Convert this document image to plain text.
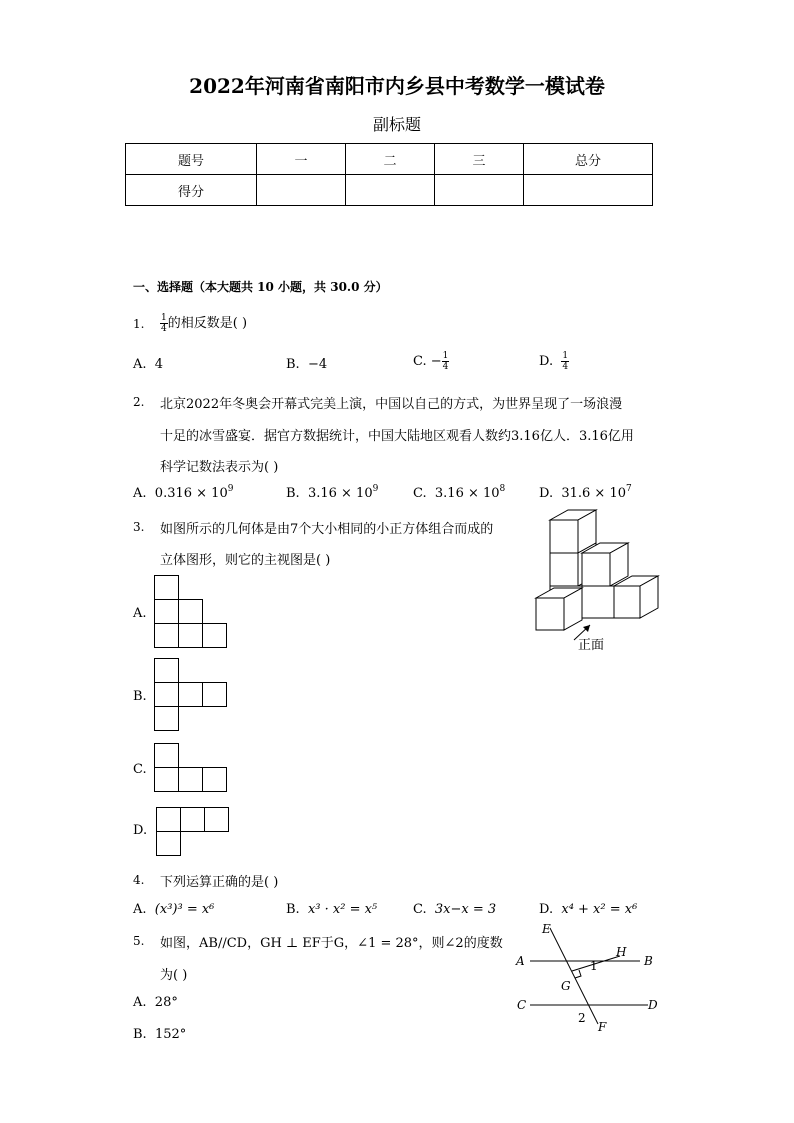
2022年河南省南阳市内乡县中考数学一模试卷
副标题
题号	一	二	三	总分
得分				
一、选择题（本大题共 10 小题，共 30.0 分）
1. $\frac{1}{4}$ 的相反数是( )
A. 4	B. −4	C. − $\frac{1}{4}$	D. $\frac{1}{4}$
2. 北京2022年冬奥会开幕式完美上演，中国以自己的方式，为世界呈现了一场浪漫
十足的冰雪盛宴．据官方数据统计，中国大陆地区观看人数约3.16亿人．3.16亿用
科学记数法表示为( )
A. $0.316 \times 10^9$	B. $3.16 \times 10^9$	C. $3.16 \times 10^8$	D. $31.6 \times 10^7$
3. 如图所示的几何体是由7个大小相同的小正方体组合而成的
立体图形，则它的主视图是( )
正面
A.
B.
C.
D.
4. 下列运算正确的是( )
A. (x³)³ = x⁶	B. x³ · x² = x⁵	C. 3x−x = 3	D. x⁴ + x² = x⁶
5. 如图，AB//CD，GH ⊥ EF于G，∠1 = 28°，则∠2的度数
为( )
A. 28°
B. 152°
E
H
A	B
G
C	D
F
1
2
